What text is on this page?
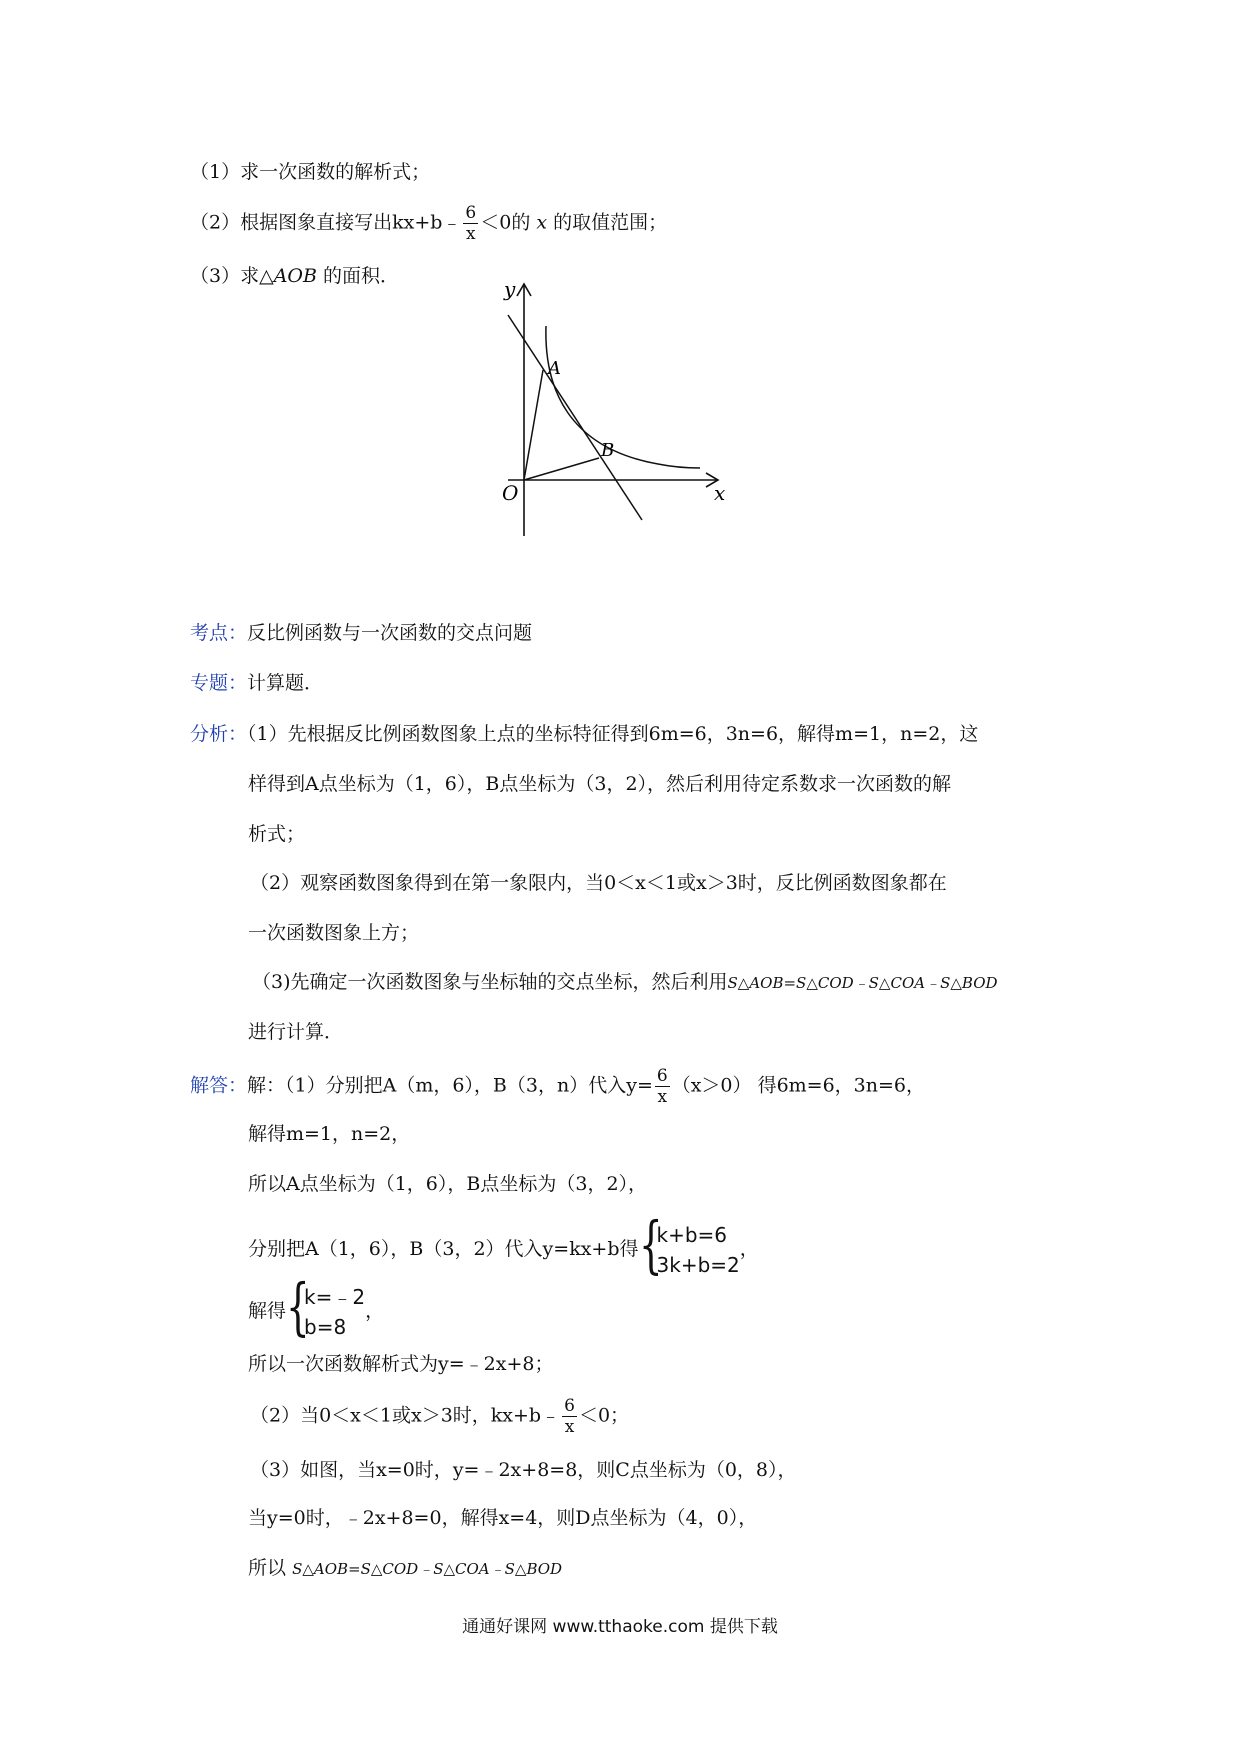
（1）求一次函数的解析式；
（2）根据图象直接写出kx+b﹣ $\frac{6}{x} <0$的 x 的取值范围；
（3）求△AOB 的面积．
y
x
O
A
B
考点：反比例函数与一次函数的交点问题
专题：计算题．
分析：（1）先根据反比例函数图象上点的坐标特征得到6m=6，3n=6，解得m=1，n=2，这
样得到A点坐标为（1，6），B点坐标为（3，2），然后利用待定系数求一次函数的解
析式；
（2）观察函数图象得到在第一象限内，当0＜x＜1或x＞3时，反比例函数图象都在
一次函数图象上方；
（3)先确定一次函数图象与坐标轴的交点坐标，然后利用S△AOB=S△COD﹣S△COA﹣S△BOD
进行计算．
解答：解：（1）分别把A（m，6），B（3，n）代入$y= \frac{6}{x} (x>0)$ 得6m=6，3n=6，
解得m=1，n=2，
所以A点坐标为（1，6），B点坐标为（3，2），
分别把A（1，6），B（3，2）代入y=kx+b得 {
k+b=6
3k+b=2
，
解得 {
k=﹣2
b=8
，
所以一次函数解析式为y=﹣2x+8；
（2）当0＜x＜1或x＞3时，kx+b﹣ $\frac{6}{x} <0$；
（3）如图，当x=0时，y=﹣2x+8=8，则C点坐标为（0，8），
当y=0时，﹣2x+8=0，解得x=4，则D点坐标为（4，0），
所以 S△AOB=S△COD﹣S△COA﹣S△BOD
通通好课网 www.tthaoke.com 提供下载
